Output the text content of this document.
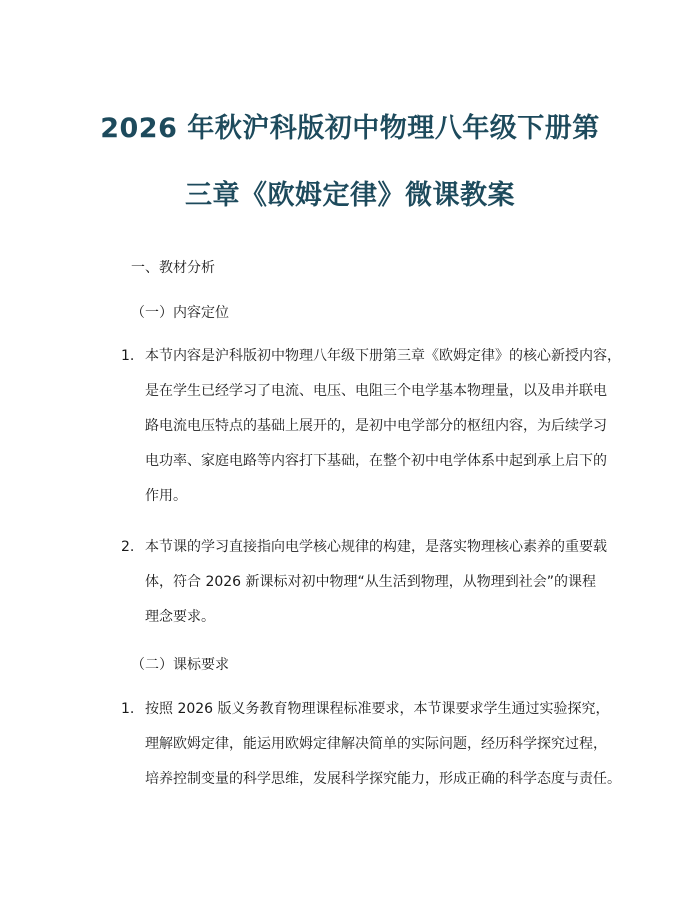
2026 年秋沪科版初中物理八年级下册第
三章《欧姆定律》微课教案
一、教材分析
（一）内容定位
1. 本节内容是沪科版初中物理八年级下册第三章《欧姆定律》的核心新授内容，
是在学生已经学习了电流、电压、电阻三个电学基本物理量，以及串并联电
路电流电压特点的基础上展开的，是初中电学部分的枢纽内容，为后续学习
电功率、家庭电路等内容打下基础，在整个初中电学体系中起到承上启下的
作用。
2. 本节课的学习直接指向电学核心规律的构建，是落实物理核心素养的重要载
体，符合 2026 新课标对初中物理“从生活到物理，从物理到社会”的课程
理念要求。
（二）课标要求
1. 按照 2026 版义务教育物理课程标准要求，本节课要求学生通过实验探究，
理解欧姆定律，能运用欧姆定律解决简单的实际问题，经历科学探究过程，
培养控制变量的科学思维，发展科学探究能力，形成正确的科学态度与责任。
